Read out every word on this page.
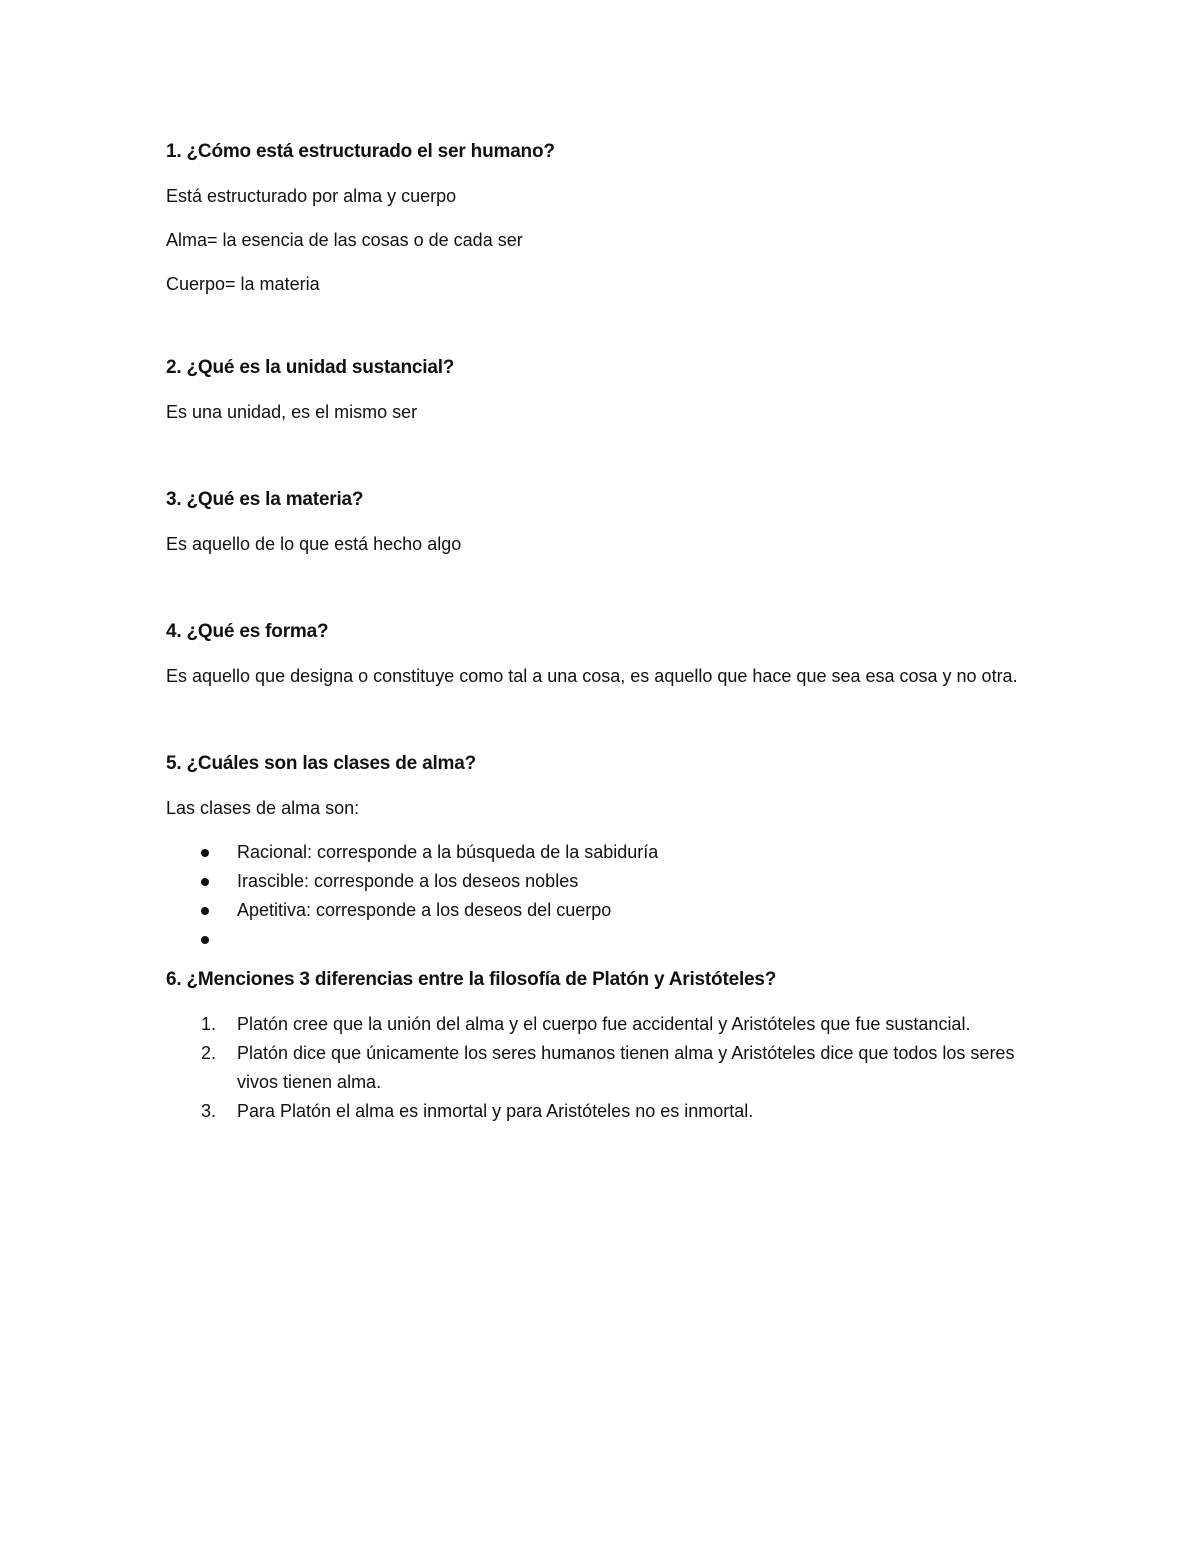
1. ¿Cómo está estructurado el ser humano?
Está estructurado por alma y cuerpo
Alma= la esencia de las cosas o de cada ser
Cuerpo= la materia
2. ¿Qué es la unidad sustancial?
Es una unidad, es el mismo ser
3. ¿Qué es la materia?
Es aquello de lo que está hecho algo
4. ¿Qué es forma?
Es aquello que designa o constituye como tal a una cosa, es aquello que hace que sea esa cosa y no otra.
5. ¿Cuáles son las clases de alma?
Las clases de alma son:
Racional: corresponde a la búsqueda de la sabiduría
Irascible: corresponde a los deseos nobles
Apetitiva: corresponde a los deseos del cuerpo
6. ¿Menciones 3 diferencias entre la filosofía de Platón y Aristóteles?
1. Platón cree que la unión del alma y el cuerpo fue accidental y Aristóteles que fue sustancial.
2. Platón dice que únicamente los seres humanos tienen alma y Aristóteles dice que todos los seres vivos tienen alma.
3. Para Platón el alma es inmortal y para Aristóteles no es inmortal.
